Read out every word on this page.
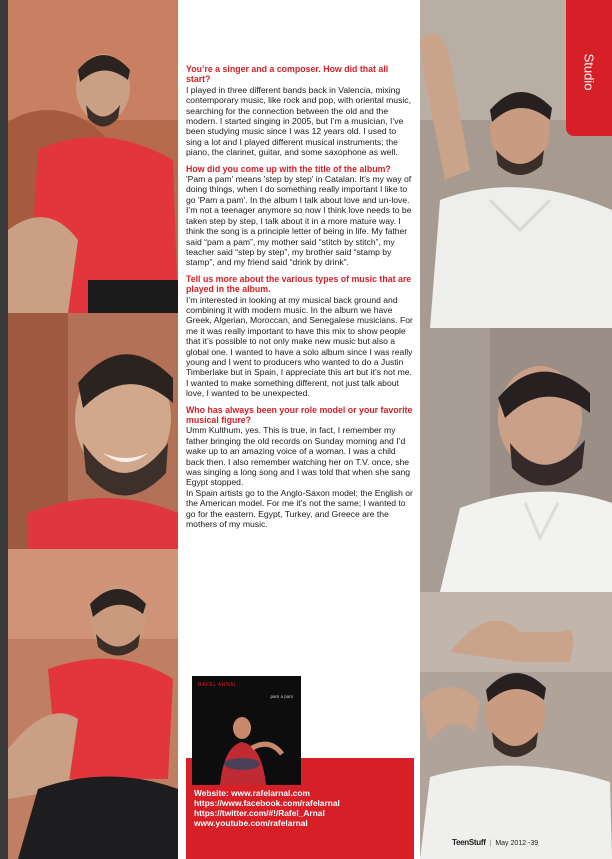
Studio
You’re a singer and a composer. How did that all start?

I played in three different bands back in Valencia, mixing contemporary music, like rock and pop, with oriental music, searching for the connection between the old and the modern. I started singing in 2005, but I’m a musician, I’ve been studying music since I was 12 years old. I used to sing a lot and I played different musical instruments; the piano, the clarinet, guitar, and some saxophone as well.

How did you come up with the title of the album?

'Pam a pam' means 'step by step' in Catalan. It’s my way of doing things, when I do something really important I like to go 'Pam a pam'. In the album I talk about love and un-love. I’m not a teenager anymore so now I think love needs to be taken step by step, I talk about it in a more mature way. I think the song is a principle letter of being in life. My father said “pam a pam”, my mother said “stitch by stitch”, my teacher said “step by step”, my brother said “stamp by stamp”, and my friend said “drink by drink”.

Tell us more about the various types of music that are played in the album.

I’m interested in looking at my musical back ground and combining it with modern music. In the album we have Greek, Algerian, Moroccan, and Senegalese musicians. For me it was really important to have this mix to show people that it’s possible to not only make new music but also a global one. I wanted to have a solo album since I was really young and I went to producers who wanted to do a Justin Timberlake but in Spain, I appreciate this art but it’s not me. I wanted to make something different, not just talk about love, I wanted to be unexpected.

Who has always been your role model or your favorite musical figure?

Umm Kulthum, yes. This is true, in fact, I remember my father bringing the old records on Sunday morning and I’d wake up to an amazing voice of a woman. I was a child back then. I also remember watching her on T.V. once, she was singing a long song and I was told that when she sang Egypt stopped.
In Spain artists go to the Anglo-Saxon model; the English or the American model. For me it’s not the same; I wanted to go for the eastern. Egypt, Turkey, and Greece are the mothers of my music.

Website: www.rafelarnal.com
https://www.facebook.com/rafelarnal
https://twitter.com/#!/Rafel_Arnal
www.youtube.com/rafelarnal
RAFEL ARNAL
pam a pam
TeenStuff | May 2012 -39
